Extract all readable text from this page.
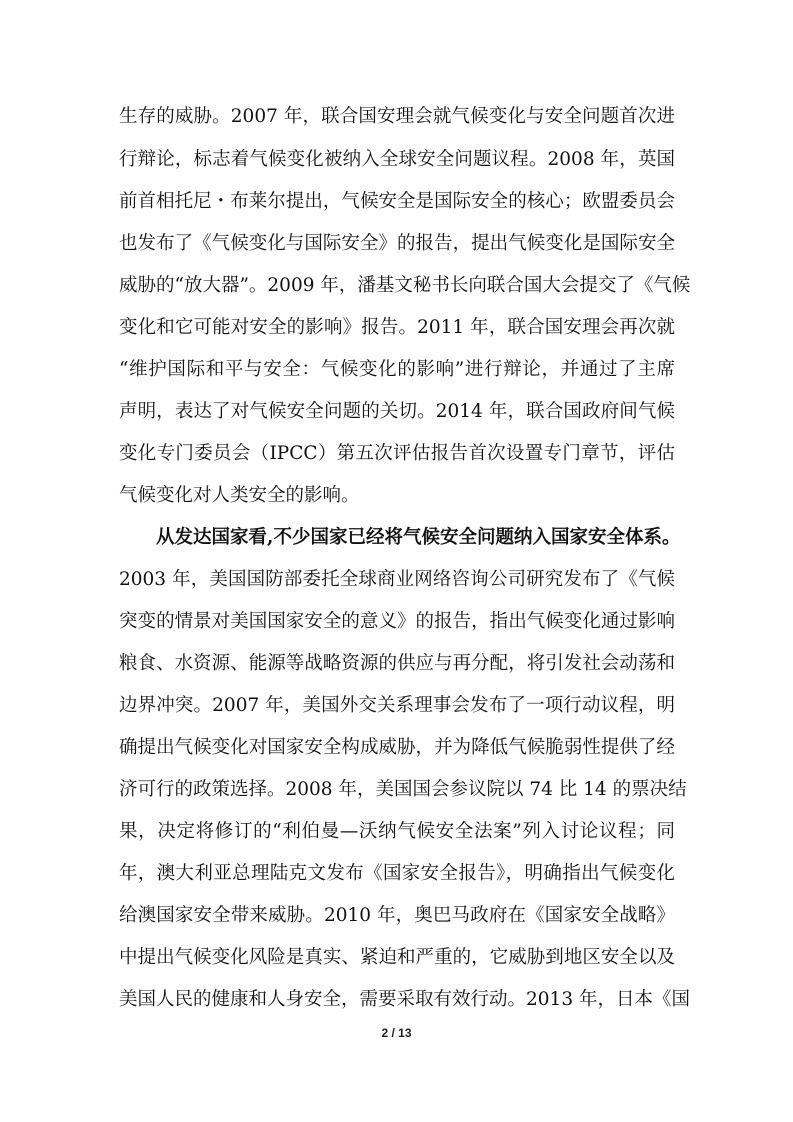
生存的威胁。2007 年，联合国安理会就气候变化与安全问题首次进
行辩论，标志着气候变化被纳入全球安全问题议程。2008 年，英国
前首相托尼・布莱尔提出，气候安全是国际安全的核心；欧盟委员会
也发布了《气候变化与国际安全》的报告，提出气候变化是国际安全
威胁的“放大器”。2009 年，潘基文秘书长向联合国大会提交了《气候
变化和它可能对安全的影响》报告。2011 年，联合国安理会再次就
“维护国际和平与安全：气候变化的影响”进行辩论，并通过了主席
声明，表达了对气候安全问题的关切。2014 年，联合国政府间气候
变化专门委员会（IPCC）第五次评估报告首次设置专门章节，评估
气候变化对人类安全的影响。
从发达国家看,不少国家已经将气候安全问题纳入国家安全体系。
2003 年，美国国防部委托全球商业网络咨询公司研究发布了《气候
突变的情景对美国国家安全的意义》的报告，指出气候变化通过影响
粮食、水资源、能源等战略资源的供应与再分配，将引发社会动荡和
边界冲突。2007 年，美国外交关系理事会发布了一项行动议程，明
确提出气候变化对国家安全构成威胁，并为降低气候脆弱性提供了经
济可行的政策选择。2008 年，美国国会参议院以 74 比 14 的票决结
果，决定将修订的“利伯曼—沃纳气候安全法案”列入讨论议程；同
年，澳大利亚总理陆克文发布《国家安全报告》，明确指出气候变化
给澳国家安全带来威胁。2010 年，奥巴马政府在《国家安全战略》
中提出气候变化风险是真实、紧迫和严重的，它威胁到地区安全以及
美国人民的健康和人身安全，需要采取有效行动。2013 年，日本《国
2 / 13
